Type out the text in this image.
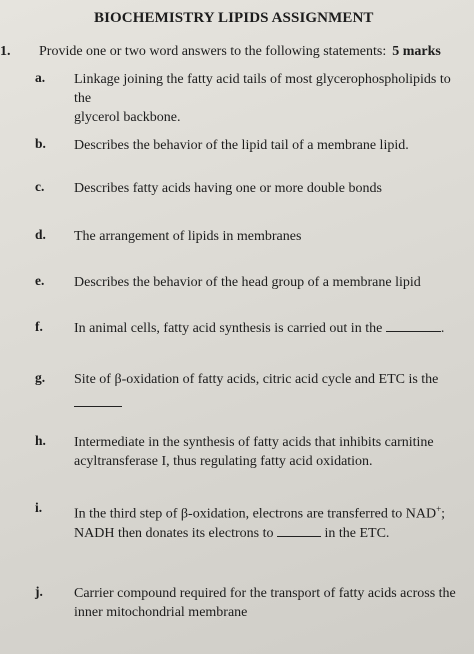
BIOCHEMISTRY LIPIDS ASSIGNMENT
1. Provide one or two word answers to the following statements: 5 marks
a. Linkage joining the fatty acid tails of most glycerophospholipids to the
glycerol backbone.
b. Describes the behavior of the lipid tail of a membrane lipid.
c. Describes fatty acids having one or more double bonds
d. The arrangement of lipids in membranes
e. Describes the behavior of the head group of a membrane lipid
f. In animal cells, fatty acid synthesis is carried out in the	.
g. Site of β-oxidation of fatty acids, citric acid cycle and ETC is the
h. Intermediate in the synthesis of fatty acids that inhibits carnitine
acyltransferase I, thus regulating fatty acid oxidation.
i. In the third step of β-oxidation, electrons are transferred to NAD+;
NADH then donates its electrons to	in the ETC.
j. Carrier compound required for the transport of fatty acids across the
inner mitochondrial membrane
